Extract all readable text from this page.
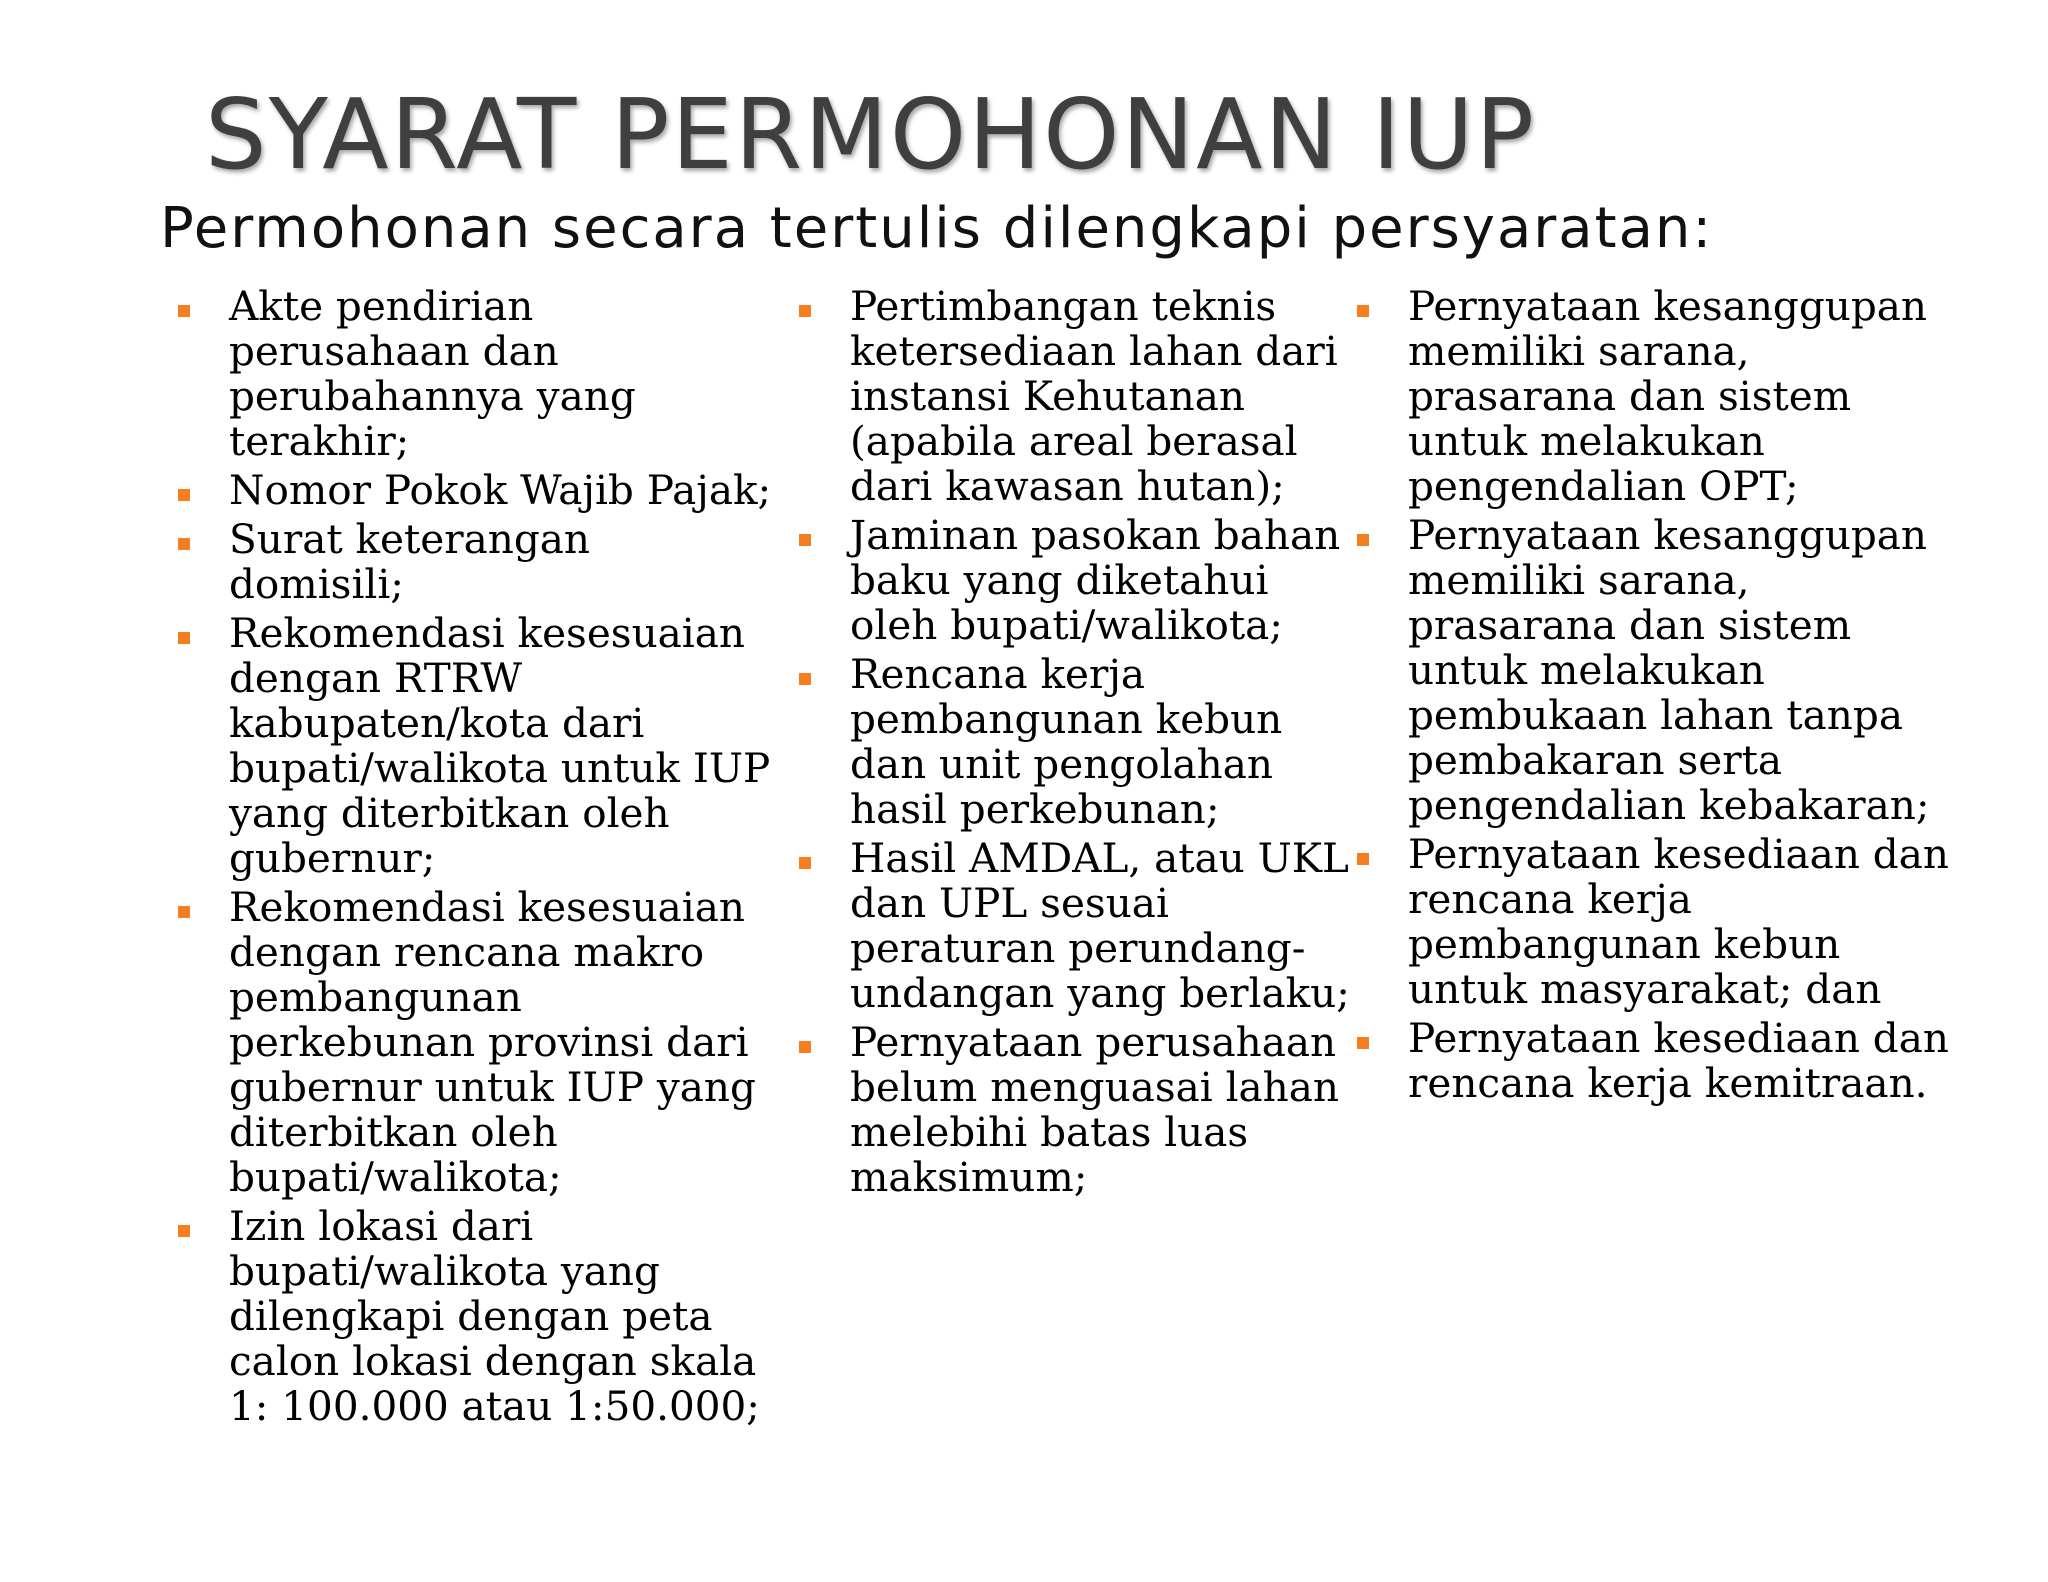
SYARAT PERMOHONAN IUP
Permohonan secara tertulis dilengkapi persyaratan:
Akte pendirian perusahaan dan perubahannya yang terakhir;
Nomor Pokok Wajib Pajak;
Surat keterangan domisili;
Rekomendasi kesesuaian dengan RTRW kabupaten/kota dari bupati/walikota untuk IUP yang diterbitkan oleh gubernur;
Rekomendasi kesesuaian dengan rencana makro pembangunan perkebunan provinsi dari gubernur untuk IUP yang diterbitkan oleh bupati/walikota;
Izin lokasi dari bupati/walikota yang dilengkapi dengan peta calon lokasi dengan skala 1: 100.000 atau 1:50.000;
Pertimbangan teknis ketersediaan lahan dari instansi Kehutanan (apabila areal berasal dari kawasan hutan);
Jaminan pasokan bahan baku yang diketahui oleh bupati/walikota;
Rencana kerja pembangunan kebun dan unit pengolahan hasil perkebunan;
Hasil AMDAL, atau UKL dan UPL sesuai peraturan perundang-undangan yang berlaku;
Pernyataan perusahaan belum menguasai lahan melebihi batas luas maksimum;
Pernyataan kesanggupan memiliki sarana, prasarana dan sistem untuk melakukan pengendalian OPT;
Pernyataan kesanggupan memiliki sarana, prasarana dan sistem untuk melakukan pembukaan lahan tanpa pembakaran serta pengendalian kebakaran;
Pernyataan kesediaan dan rencana kerja pembangunan kebun untuk masyarakat; dan
Pernyataan kesediaan dan rencana kerja kemitraan.
